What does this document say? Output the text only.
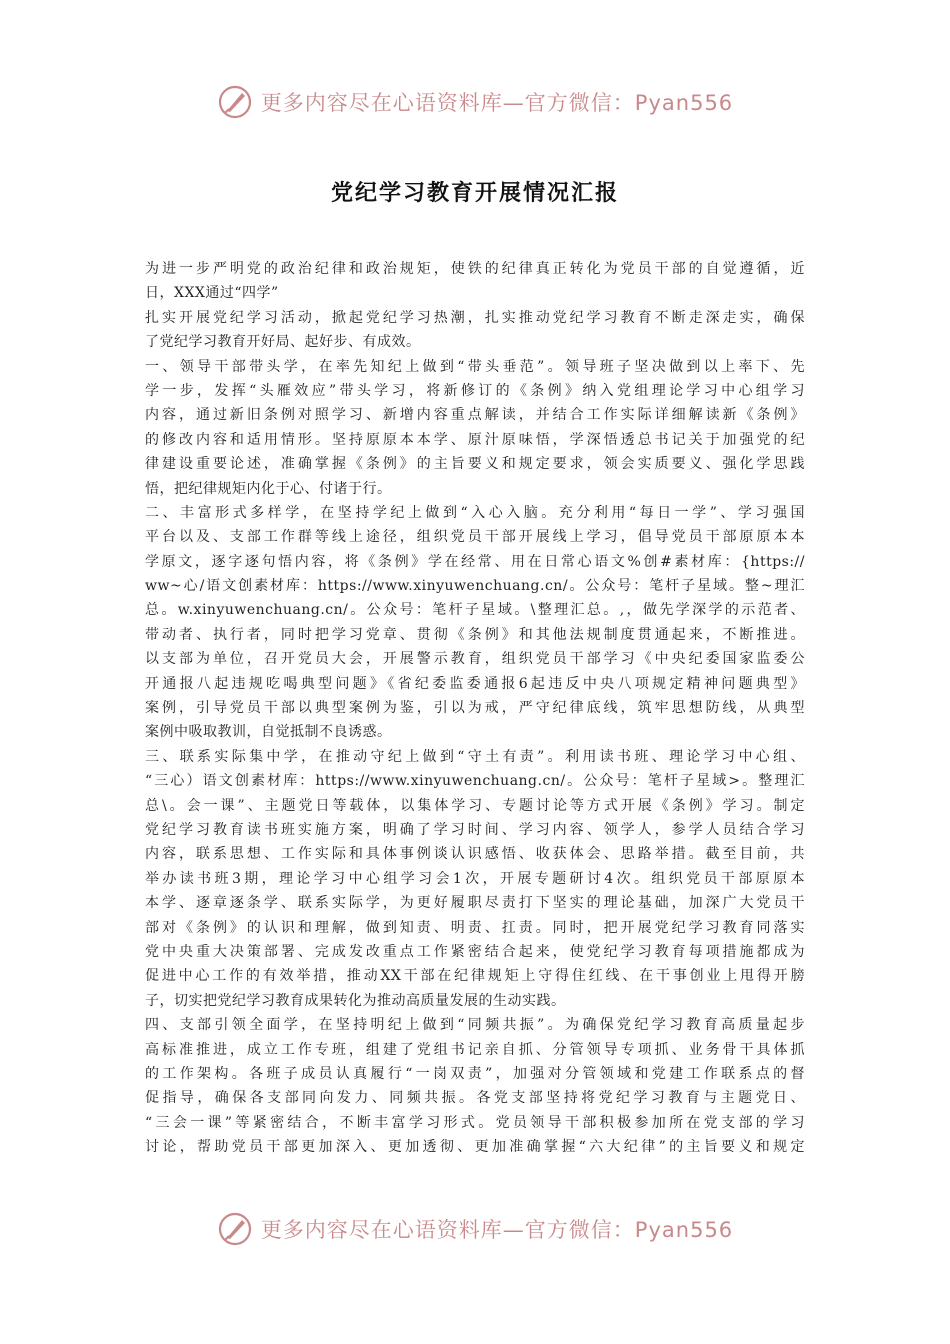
更多内容尽在心语资料库—官方微信：Pyan556
党纪学习教育开展情况汇报
为进一步严明党的政治纪律和政治规矩，使铁的纪律真正转化为党员干部的自觉遵循，近
日，XXX通过“四学”
扎实开展党纪学习活动，掀起党纪学习热潮，扎实推动党纪学习教育不断走深走实，确保
了党纪学习教育开好局、起好步、有成效。
一、领导干部带头学，在率先知纪上做到“带头垂范”。领导班子坚决做到以上率下、先
学一步，发挥“头雁效应”带头学习，将新修订的《条例》纳入党组理论学习中心组学习
内容，通过新旧条例对照学习、新增内容重点解读，并结合工作实际详细解读新《条例》
的修改内容和适用情形。坚持原原本本学、原汁原味悟，学深悟透总书记关于加强党的纪
律建设重要论述，准确掌握《条例》的主旨要义和规定要求，领会实质要义、强化学思践
悟，把纪律规矩内化于心、付诸于行。
二、丰富形式多样学，在坚持学纪上做到“入心入脑。充分利用“每日一学”、学习强国
平台以及、支部工作群等线上途径，组织党员干部开展线上学习，倡导党员干部原原本本
学原文，逐字逐句悟内容，将《条例》学在经常、用在日常心语文%创#素材库：{https://
ww~心/语文创素材库：https://www.xinyuwenchuang.cn/。公众号：笔杆子星域。整~理汇
总。w.xinyuwenchuang.cn/。公众号：笔杆子星域。\整理汇总。,，做先学深学的示范者、
带动者、执行者，同时把学习党章、贯彻《条例》和其他法规制度贯通起来，不断推进。
以支部为单位，召开党员大会，开展警示教育，组织党员干部学习《中央纪委国家监委公
开通报八起违规吃喝典型问题》《省纪委监委通报6起违反中央八项规定精神问题典型》
案例，引导党员干部以典型案例为鉴，引以为戒，严守纪律底线，筑牢思想防线，从典型
案例中吸取教训，自觉抵制不良诱惑。
三、联系实际集中学，在推动守纪上做到“守土有责”。利用读书班、理论学习中心组、
“三心）语文创素材库：https://www.xinyuwenchuang.cn/。公众号：笔杆子星域>。整理汇
总\。会一课”、主题党日等载体，以集体学习、专题讨论等方式开展《条例》学习。制定
党纪学习教育读书班实施方案，明确了学习时间、学习内容、领学人，参学人员结合学习
内容，联系思想、工作实际和具体事例谈认识感悟、收获体会、思路举措。截至目前，共
举办读书班3期，理论学习中心组学习会1次，开展专题研讨4次。组织党员干部原原本
本学、逐章逐条学、联系实际学，为更好履职尽责打下坚实的理论基础，加深广大党员干
部对《条例》的认识和理解，做到知责、明责、扛责。同时，把开展党纪学习教育同落实
党中央重大决策部署、完成发改重点工作紧密结合起来，使党纪学习教育每项措施都成为
促进中心工作的有效举措，推动XX干部在纪律规矩上守得住红线、在干事创业上甩得开膀
子，切实把党纪学习教育成果转化为推动高质量发展的生动实践。
四、支部引领全面学，在坚持明纪上做到“同频共振”。为确保党纪学习教育高质量起步
高标准推进，成立工作专班，组建了党组书记亲自抓、分管领导专项抓、业务骨干具体抓
的工作架构。各班子成员认真履行“一岗双责”，加强对分管领域和党建工作联系点的督
促指导，确保各支部同向发力、同频共振。各党支部坚持将党纪学习教育与主题党日、
“三会一课”等紧密结合，不断丰富学习形式。党员领导干部积极参加所在党支部的学习
讨论，帮助党员干部更加深入、更加透彻、更加准确掌握“六大纪律”的主旨要义和规定
更多内容尽在心语资料库—官方微信：Pyan556
